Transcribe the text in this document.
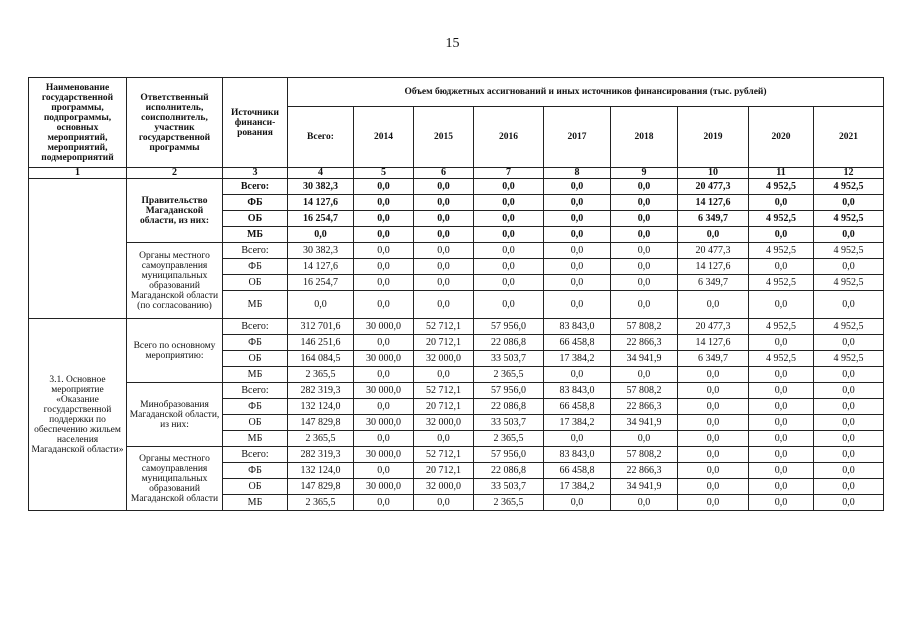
15
Наименование государственной программы, подпрограммы, основных мероприятий, мероприятий, подмероприятий	Ответственный исполнитель, соисполнитель, участник государственной программы	Источники финанси-рования	Объем бюджетных ассигнований и иных источников финансирования (тыс. рублей)								
			Всего:	2014	2015	2016	2017	2018	2019	2020	2021
1	2	3	4	5	6	7	8	9	10	11	12
	Правительство Магаданской области, из них:	Всего:	30 382,3	0,0	0,0	0,0	0,0	0,0	20 477,3	4 952,5	4 952,5
		ФБ	14 127,6	0,0	0,0	0,0	0,0	0,0	14 127,6	0,0	0,0
		ОБ	16 254,7	0,0	0,0	0,0	0,0	0,0	6 349,7	4 952,5	4 952,5
		МБ	0,0	0,0	0,0	0,0	0,0	0,0	0,0	0,0	0,0
	Органы местного самоуправления муниципальных образований Магаданской области (по согласованию)	Всего:	30 382,3	0,0	0,0	0,0	0,0	0,0	20 477,3	4 952,5	4 952,5
		ФБ	14 127,6	0,0	0,0	0,0	0,0	0,0	14 127,6	0,0	0,0
		ОБ	16 254,7	0,0	0,0	0,0	0,0	0,0	6 349,7	4 952,5	4 952,5
		МБ	0,0	0,0	0,0	0,0	0,0	0,0	0,0	0,0	0,0
3.1. Основное мероприятие «Оказание государственной поддержки по обеспечению жильем населения Магаданской области»	Всего по основному мероприятию:	Всего:	312 701,6	30 000,0	52 712,1	57 956,0	83 843,0	57 808,2	20 477,3	4 952,5	4 952,5
		ФБ	146 251,6	0,0	20 712,1	22 086,8	66 458,8	22 866,3	14 127,6	0,0	0,0
		ОБ	164 084,5	30 000,0	32 000,0	33 503,7	17 384,2	34 941,9	6 349,7	4 952,5	4 952,5
		МБ	2 365,5	0,0	0,0	2 365,5	0,0	0,0	0,0	0,0	0,0
	Минобразования Магаданской области, из них:	Всего:	282 319,3	30 000,0	52 712,1	57 956,0	83 843,0	57 808,2	0,0	0,0	0,0
		ФБ	132 124,0	0,0	20 712,1	22 086,8	66 458,8	22 866,3	0,0	0,0	0,0
		ОБ	147 829,8	30 000,0	32 000,0	33 503,7	17 384,2	34 941,9	0,0	0,0	0,0
		МБ	2 365,5	0,0	0,0	2 365,5	0,0	0,0	0,0	0,0	0,0
	Органы местного самоуправления муниципальных образований Магаданской области	Всего:	282 319,3	30 000,0	52 712,1	57 956,0	83 843,0	57 808,2	0,0	0,0	0,0
		ФБ	132 124,0	0,0	20 712,1	22 086,8	66 458,8	22 866,3	0,0	0,0	0,0
		ОБ	147 829,8	30 000,0	32 000,0	33 503,7	17 384,2	34 941,9	0,0	0,0	0,0
		МБ	2 365,5	0,0	0,0	2 365,5	0,0	0,0	0,0	0,0	0,0
